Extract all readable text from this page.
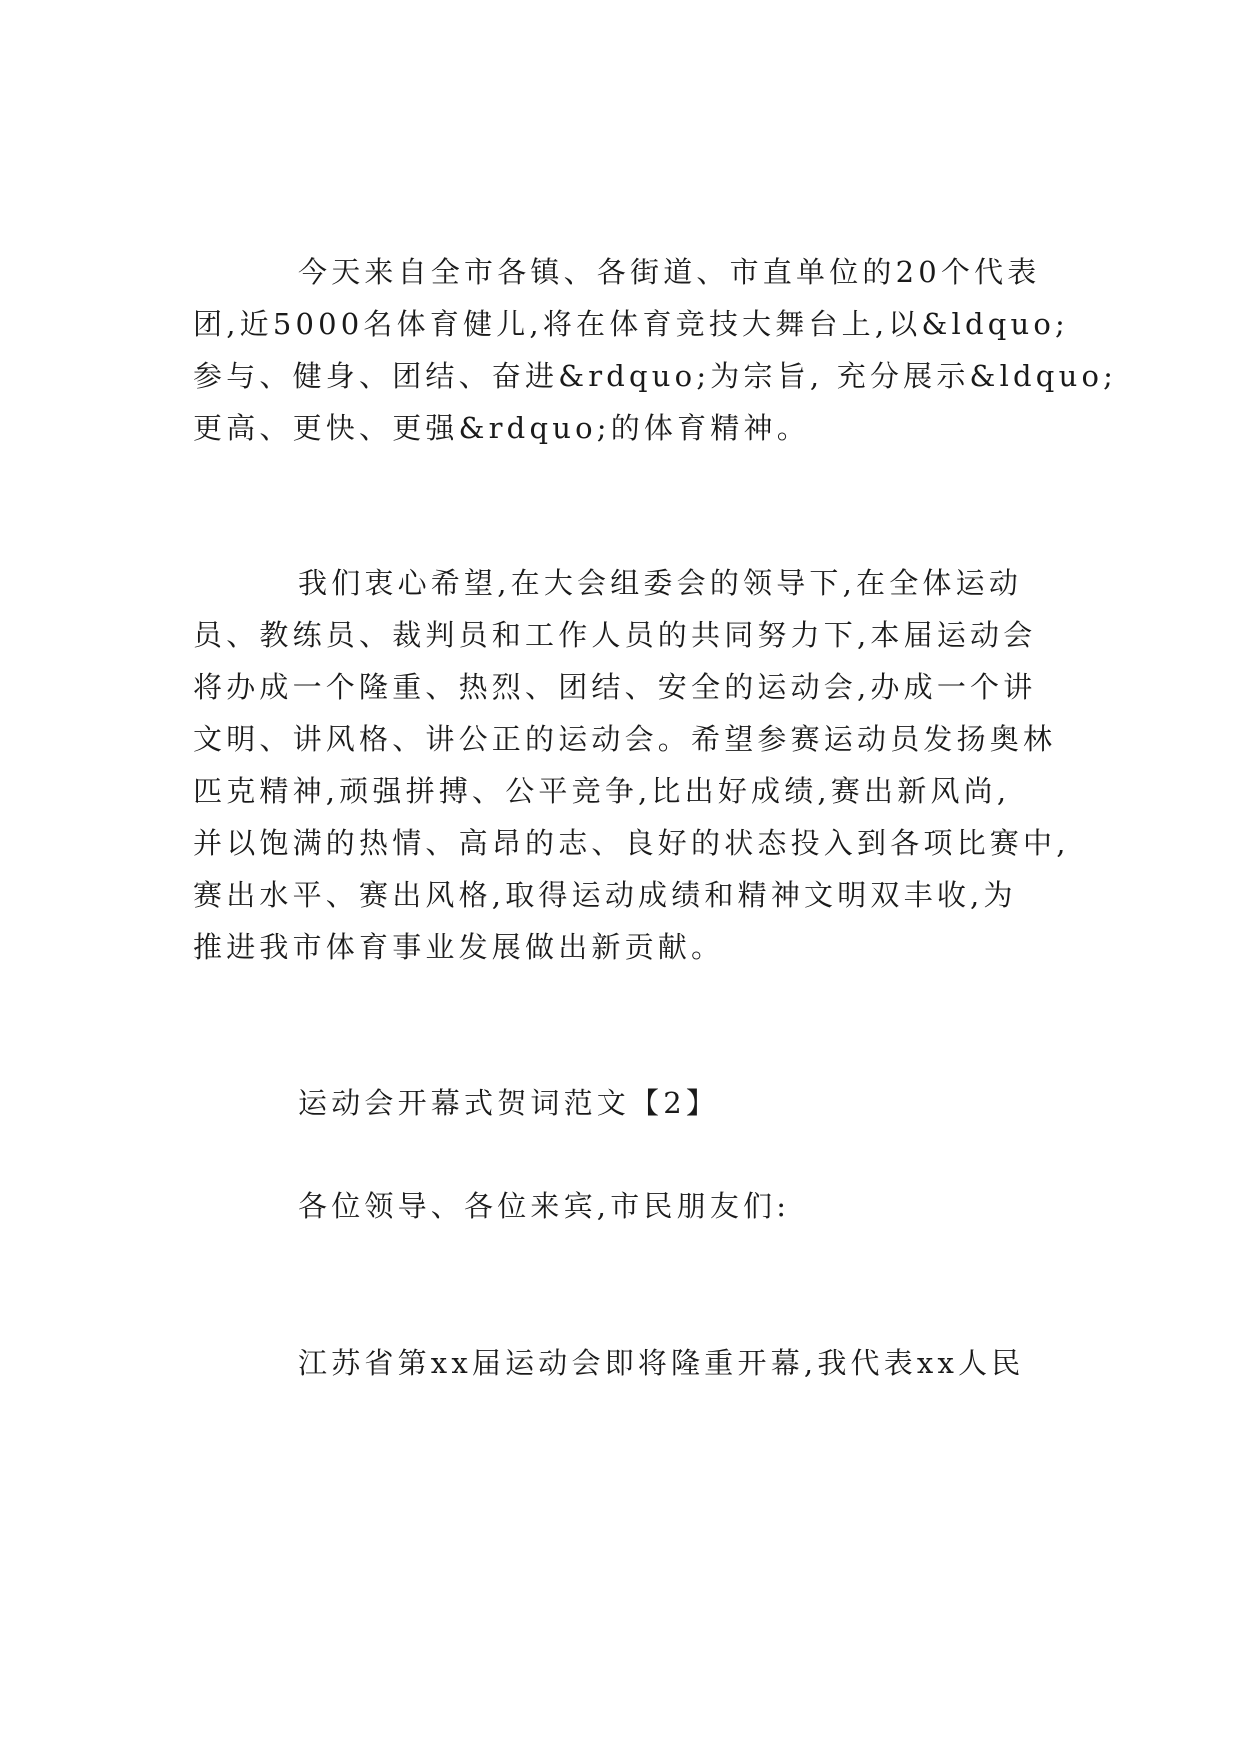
今天来自全市各镇、各街道、市直单位的20个代表
团,近5000名体育健儿,将在体育竞技大舞台上,以&ldquo;
参与、健身、团结、奋进&rdquo;为宗旨, 充分展示&ldquo;
更高、更快、更强&rdquo;的体育精神。
我们衷心希望,在大会组委会的领导下,在全体运动
员、教练员、裁判员和工作人员的共同努力下,本届运动会
将办成一个隆重、热烈、团结、安全的运动会,办成一个讲
文明、讲风格、讲公正的运动会。希望参赛运动员发扬奥林
匹克精神,顽强拼搏、公平竞争,比出好成绩,赛出新风尚,
并以饱满的热情、高昂的志、良好的状态投入到各项比赛中,
赛出水平、赛出风格,取得运动成绩和精神文明双丰收,为
推进我市体育事业发展做出新贡献。
运动会开幕式贺词范文【2】
各位领导、各位来宾,市民朋友们:
江苏省第xx届运动会即将隆重开幕,我代表xx人民
